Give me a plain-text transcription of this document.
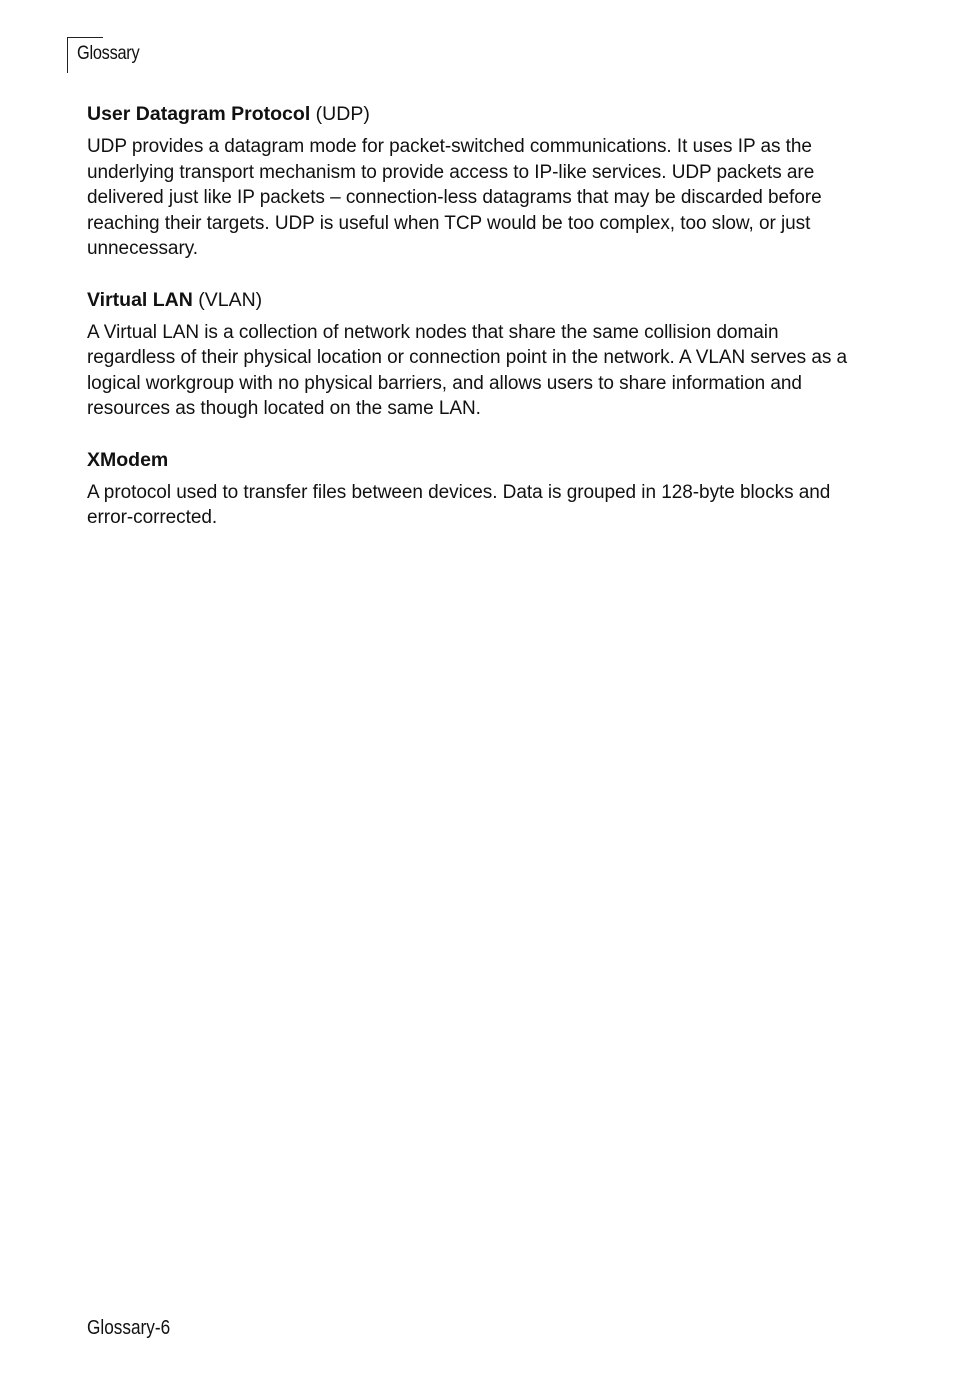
Glossary
User Datagram Protocol (UDP)

UDP provides a datagram mode for packet-switched communications. It uses IP as the underlying transport mechanism to provide access to IP-like services. UDP packets are delivered just like IP packets – connection-less datagrams that may be discarded before reaching their targets. UDP is useful when TCP would be too complex, too slow, or just unnecessary.

Virtual LAN (VLAN)

A Virtual LAN is a collection of network nodes that share the same collision domain regardless of their physical location or connection point in the network. A VLAN serves as a logical workgroup with no physical barriers, and allows users to share information and resources as though located on the same LAN.

XModem

A protocol used to transfer files between devices. Data is grouped in 128-byte blocks and error-corrected.

Glossary-6
